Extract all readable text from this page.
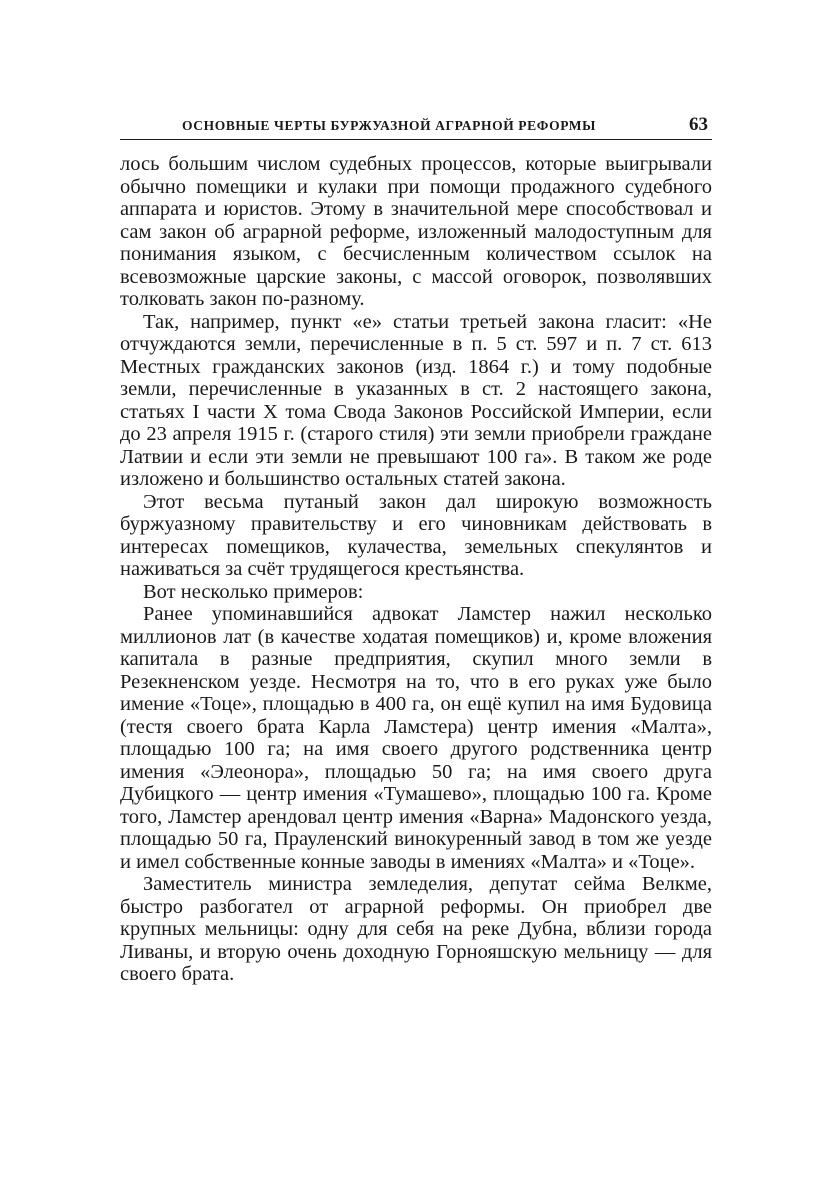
ОСНОВНЫЕ ЧЕРТЫ БУРЖУАЗНОЙ АГРАРНОЙ РЕФОРМЫ	63

лось большим числом судебных процессов, которые выигрывали обычно помещики и кулаки при помощи продажного судебного аппарата и юристов. Этому в значительной мере способствовал и сам закон об аграрной реформе, изложенный малодоступным для понимания языком, с бесчисленным количеством ссылок на всевозможные царские законы, с массой оговорок, позволявших толковать закон по-разному.

Так, например, пункт «е» статьи третьей закона гласит: «Не отчуждаются земли, перечисленные в п. 5 ст. 597 и п. 7 ст. 613 Местных гражданских законов (изд. 1864 г.) и тому подобные земли, перечисленные в указанных в ст. 2 настоящего закона, статьях I части X тома Свода Законов Российской Империи, если до 23 апреля 1915 г. (старого стиля) эти земли приобрели граждане Латвии и если эти земли не превышают 100 га». В таком же роде изложено и большинство остальных статей закона.

Этот весьма путаный закон дал широкую возможность буржуазному правительству и его чиновникам действовать в интересах помещиков, кулачества, земельных спекулянтов и наживаться за счёт трудящегося крестьянства.

Вот несколько примеров:

Ранее упоминавшийся адвокат Ламстер нажил несколько миллионов лат (в качестве ходатая помещиков) и, кроме вложения капитала в разные предприятия, скупил много земли в Резекненском уезде. Несмотря на то, что в его руках уже было имение «Тоце», площадью в 400 га, он ещё купил на имя Будовица (тестя своего брата Карла Ламстера) центр имения «Малта», площадью 100 га; на имя своего другого родственника центр имения «Элеонора», площадью 50 га; на имя своего друга Дубицкого — центр имения «Тумашево», площадью 100 га. Кроме того, Ламстер арендовал центр имения «Варна» Мадонского уезда, площадью 50 га, Прауленский винокуренный завод в том же уезде и имел собственные конные заводы в имениях «Малта» и «Тоце».

Заместитель министра земледелия, депутат сейма Велкме, быстро разбогател от аграрной реформы. Он приобрел две крупных мельницы: одну для себя на реке Дубна, вблизи города Ливаны, и вторую очень доходную Горнояшскую мельницу — для своего брата.
